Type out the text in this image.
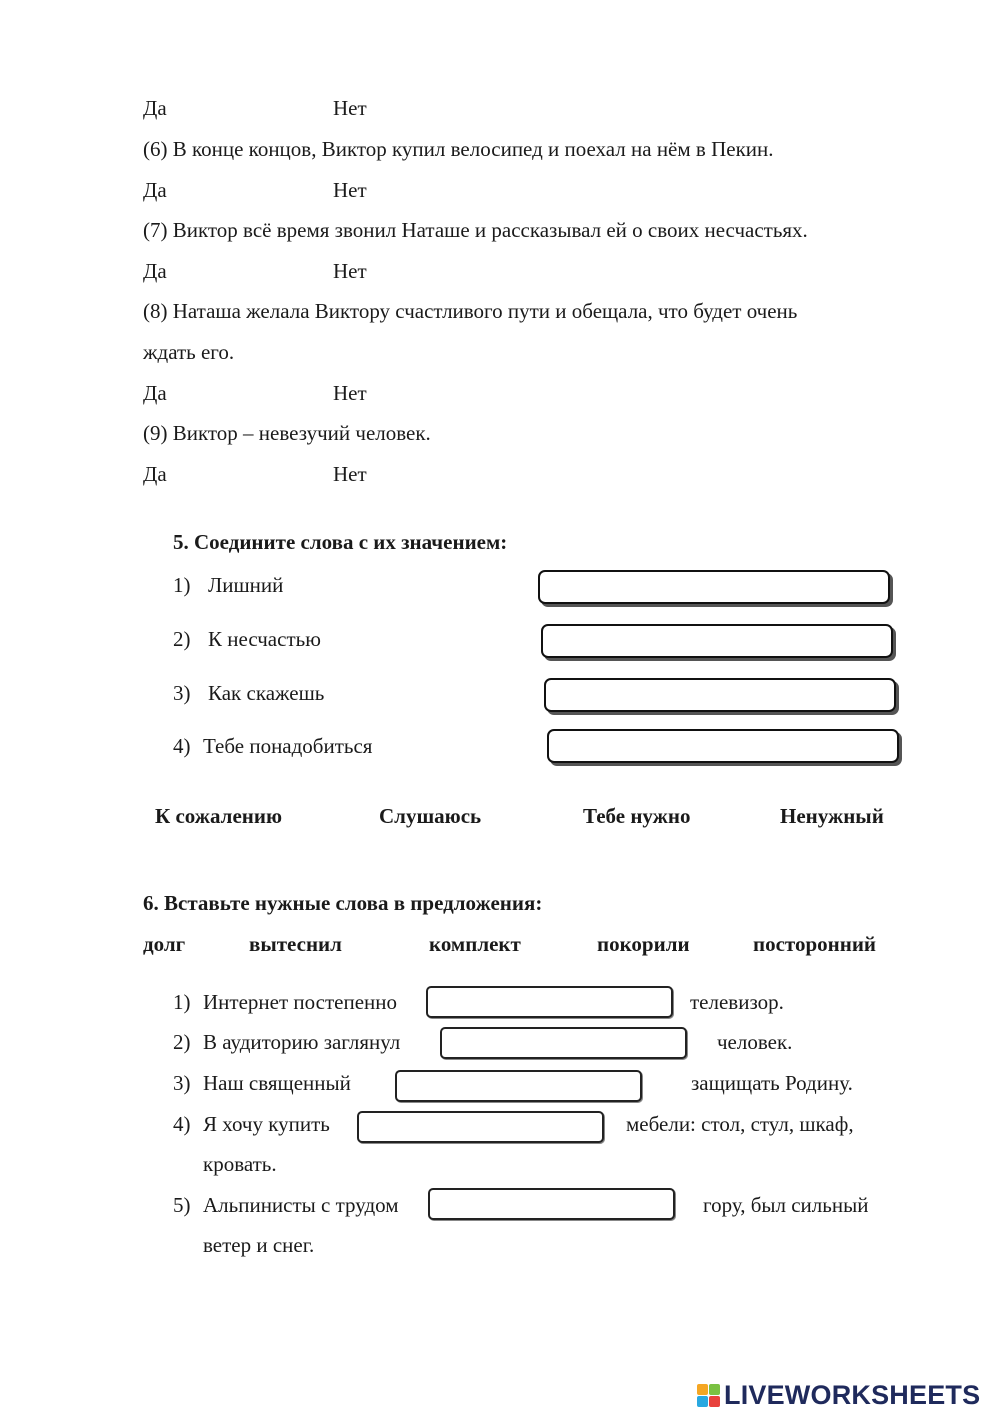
Да	Нет
(6) В конце концов, Виктор купил велосипед и поехал на нём в Пекин.
Да	Нет
(7) Виктор всё время звонил Наташе и рассказывал ей о своих несчастьях.
Да	Нет
(8) Наташа желала Виктору счастливого пути и обещала, что будет очень
ждать его.
Да	Нет
(9) Виктор – невезучий человек.
Да	Нет
5. Соедините слова с их значением:
1) Лишний
2) К несчастью
3) Как скажешь
4) Тебе понадобиться
К сожалению	Слушаюсь	Тебе нужно	Ненужный
6. Вставьте нужные слова в предложения:
долг	вытеснил	комплект	покорили	посторонний
1) Интернет постепенно	телевизор.
2) В аудиторию заглянул	человек.
3) Наш священный	защищать Родину.
4) Я хочу купить	мебели: стол, стул, шкаф,
кровать.
5) Альпинисты с трудом	гору, был сильный
ветер и снег.
LIVEWORKSHEETS
